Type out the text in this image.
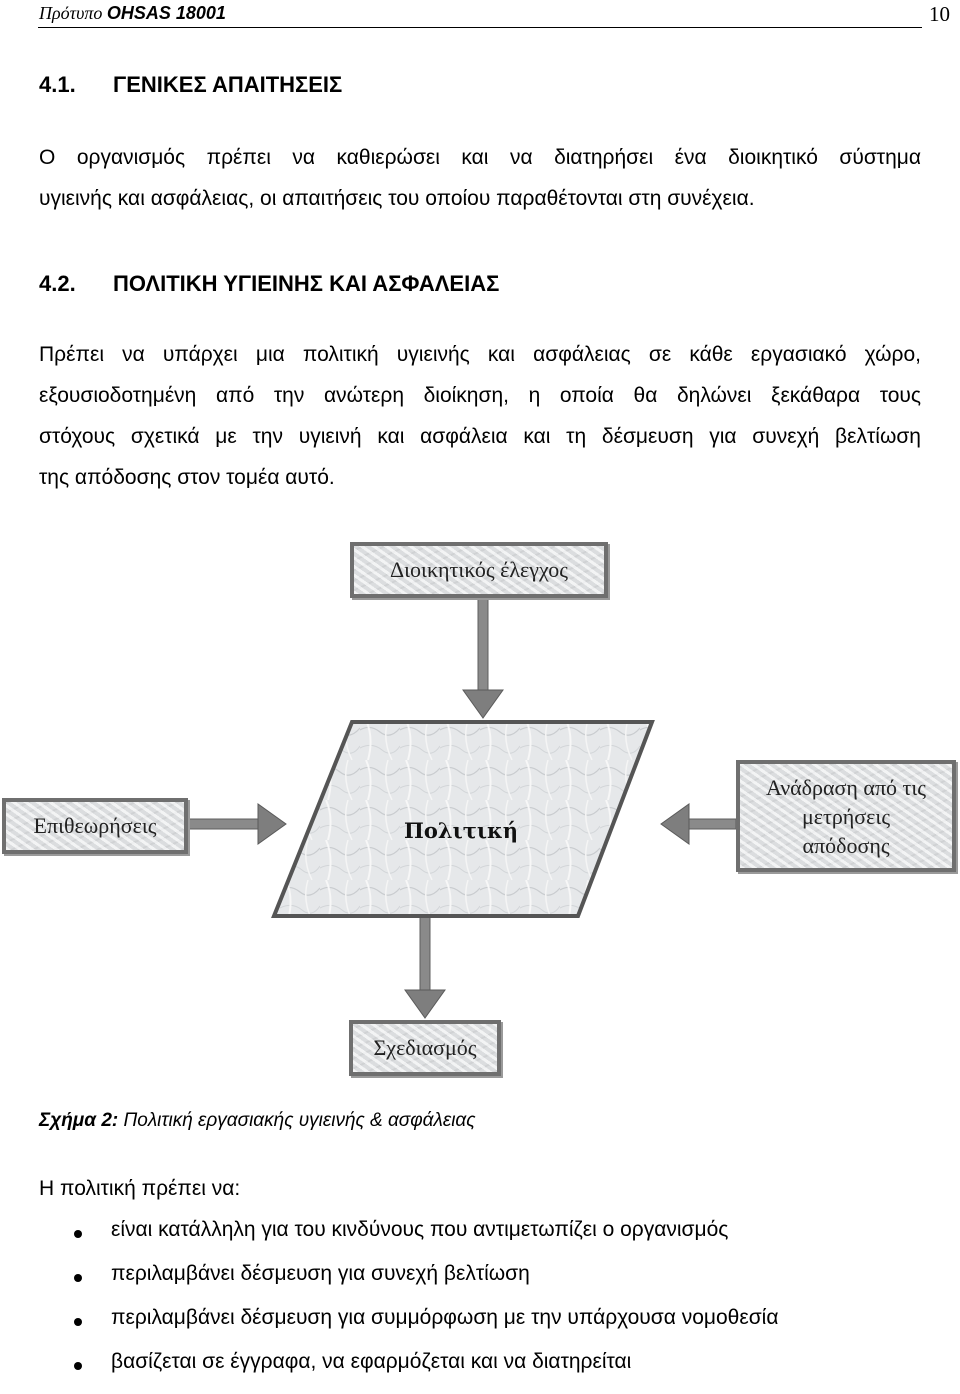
Πρότυπο OHSAS 18001	10
4.1. ΓΕΝΙΚΕΣ ΑΠΑΙΤΗΣΕΙΣ
Ο οργανισμός πρέπει να καθιερώσει και να διατηρήσει ένα διοικητικό σύστημα
υγιεινής και ασφάλειας, οι απαιτήσεις του οποίου παραθέτονται στη συνέχεια.
4.2. ΠΟΛΙΤΙΚΗ ΥΓΙΕΙΝΗΣ ΚΑΙ ΑΣΦΑΛΕΙΑΣ
Πρέπει να υπάρχει μια πολιτική υγιεινής και ασφάλειας σε κάθε εργασιακό χώρο,
εξουσιοδοτημένη από την ανώτερη διοίκηση, η οποία θα δηλώνει ξεκάθαρα τους
στόχους σχετικά με την υγιεινή και ασφάλεια και τη δέσμευση για συνεχή βελτίωση
της απόδοσης στον τομέα αυτό.
Διοικητικός έλεγχος
Επιθεωρήσεις
Ανάδραση από τις
μετρήσεις
απόδοσης
Πολιτική
Σχεδιασμός
Σχήμα 2: Πολιτική εργασιακής υγιεινής & ασφάλειας
Η πολιτική πρέπει να:
είναι κατάλληλη για του κινδύνους που αντιμετωπίζει ο οργανισμός
περιλαμβάνει δέσμευση για συνεχή βελτίωση
περιλαμβάνει δέσμευση για συμμόρφωση με την υπάρχουσα νομοθεσία
βασίζεται σε έγγραφα, να εφαρμόζεται και να διατηρείται
